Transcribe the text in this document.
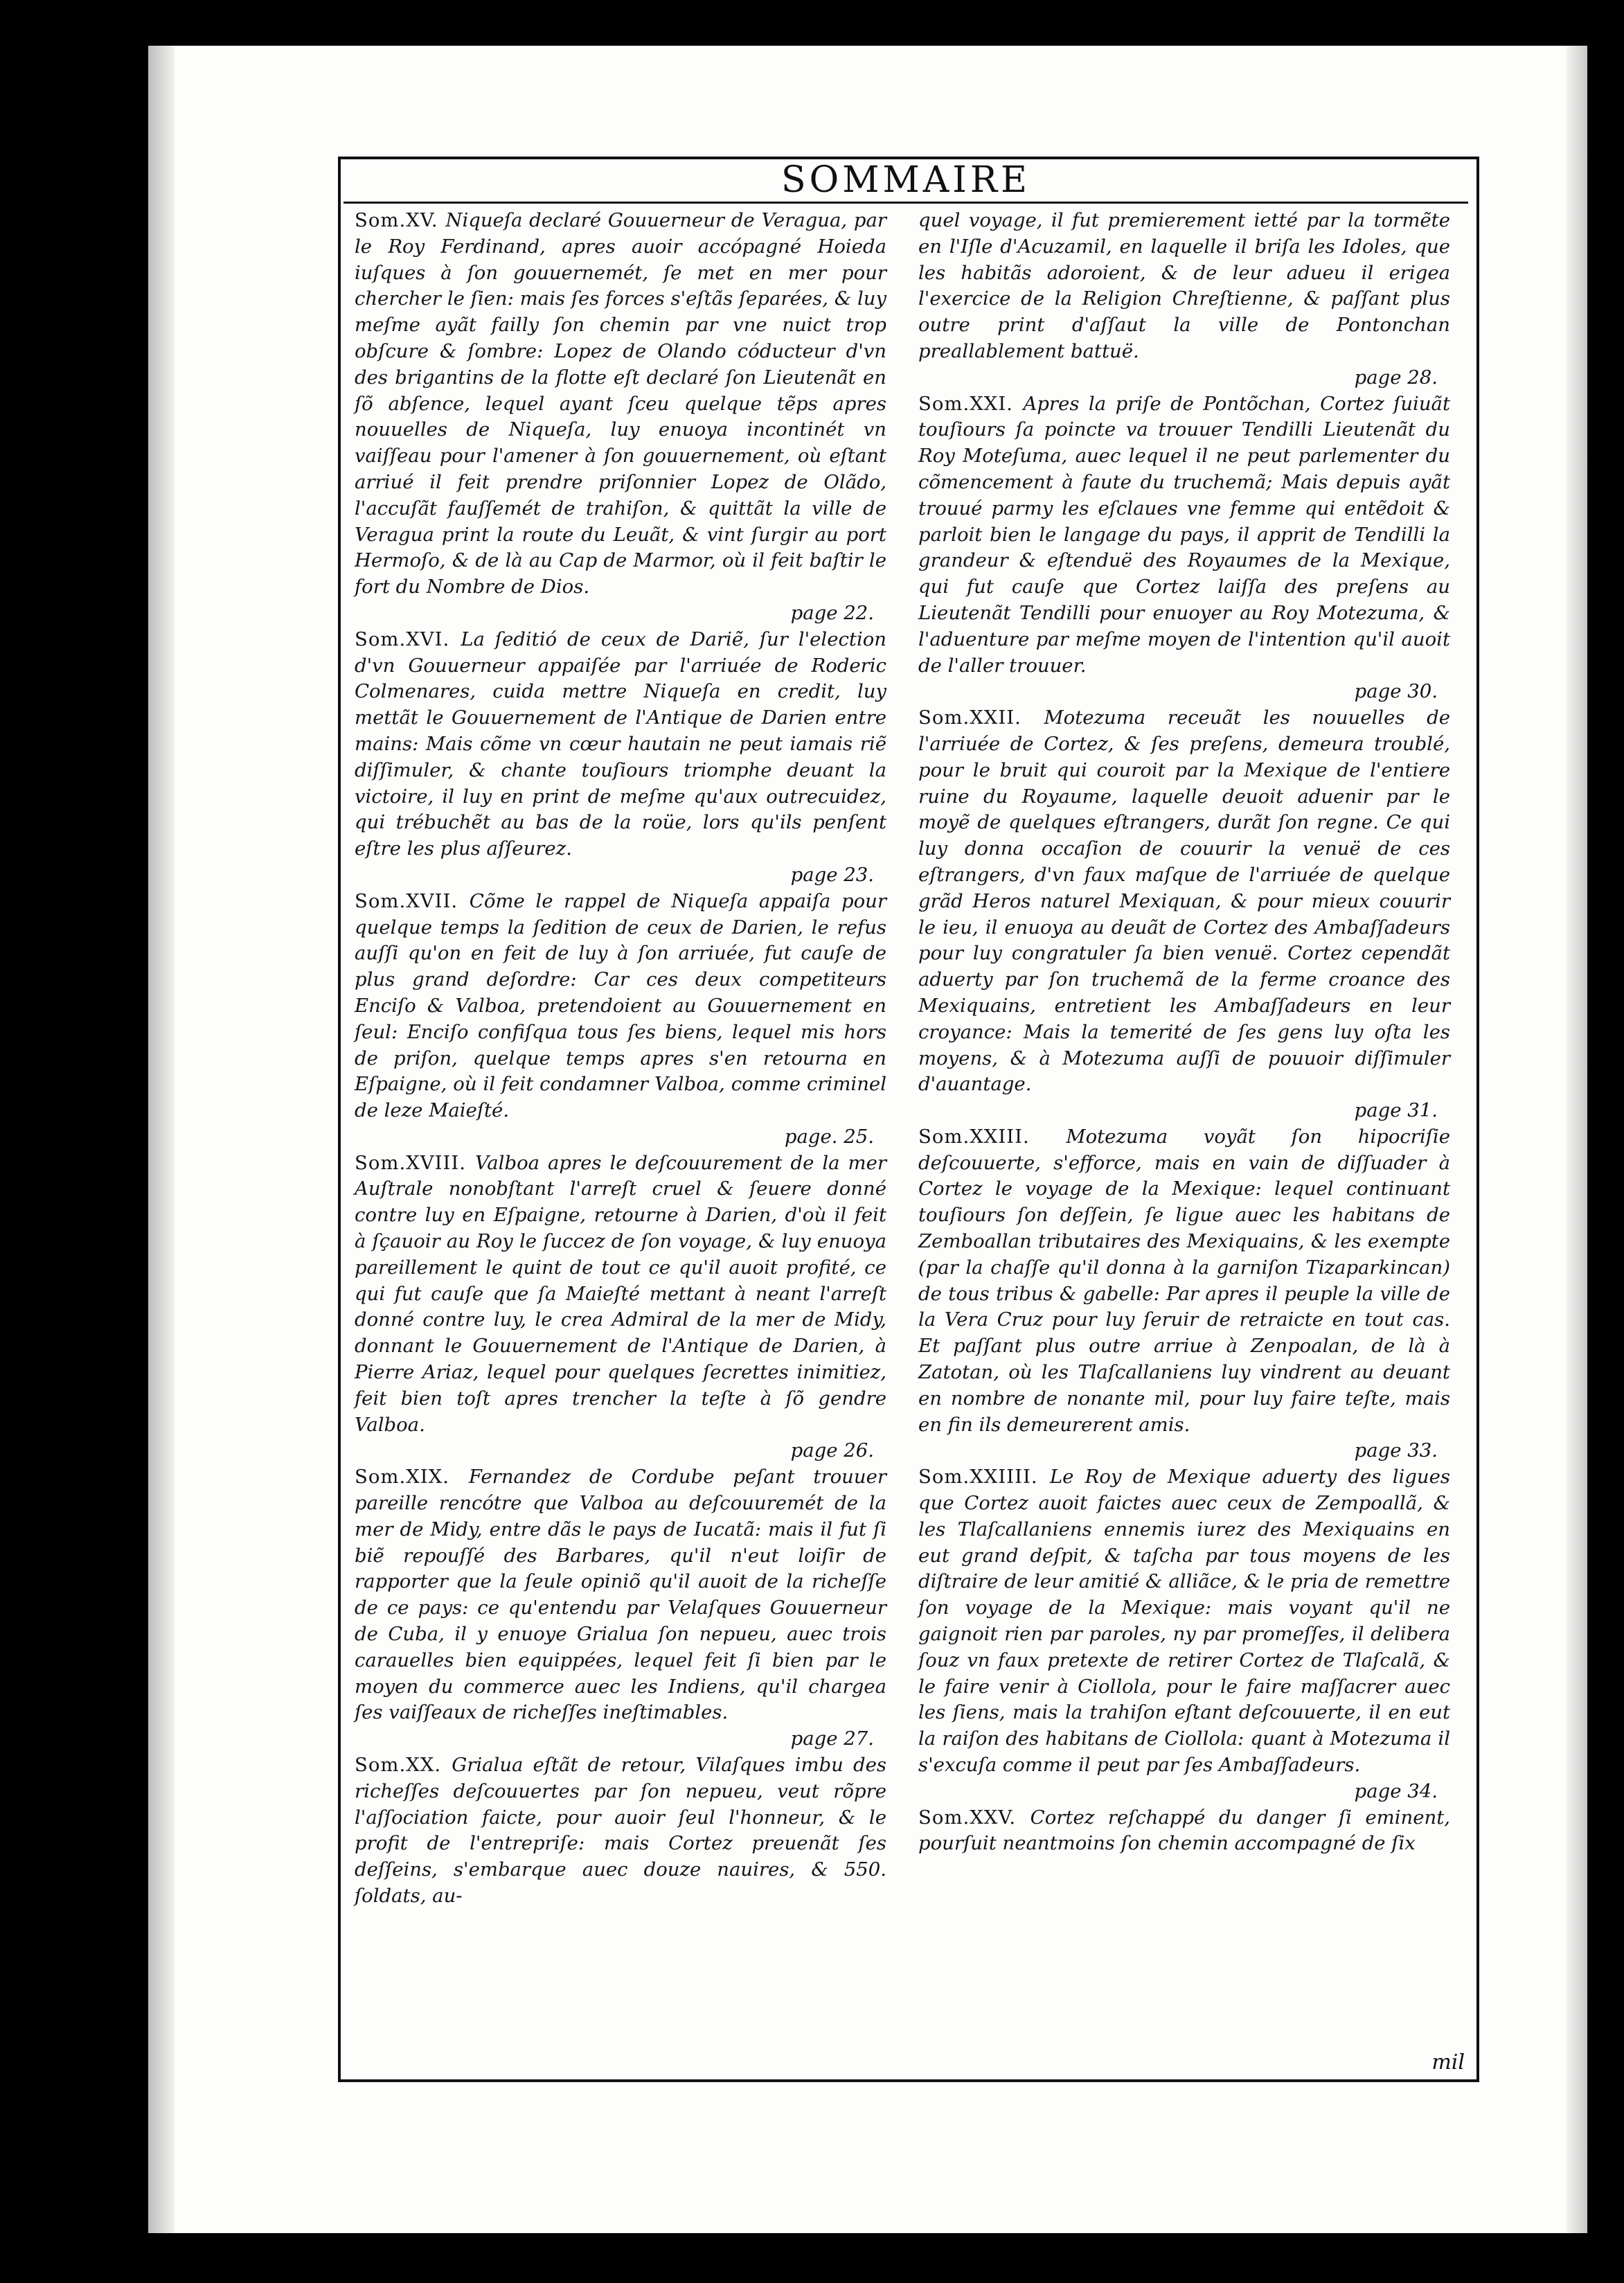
SOMMAIRE

Som.XV. Niqueſa declaré Gouuerneur de Veragua, par le Roy Ferdinand, apres auoir accópagné Hoieda iuſques à ſon gouuernemét, ſe met en mer pour chercher le ſien: mais ſes forces s'eſtãs ſeparées, & luy meſme ayãt failly ſon chemin par vne nuict trop obſcure & ſombre: Lopez de Olando códucteur d'vn des brigantins de la flotte eſt declaré ſon Lieutenãt en ſõ abſence, lequel ayant ſceu quelque tẽps apres nouuelles de Niqueſa, luy enuoya incontinét vn vaiſſeau pour l'amener à ſon gouuernement, où eſtant arriué il feit prendre priſonnier Lopez de Olãdo, l'accuſãt fauſſemét de trahiſon, & quittãt la ville de Veragua print la route du Leuãt, & vint ſurgir au port Hermoſo, & de là au Cap de Marmor, où il feit baſtir le fort du Nombre de Dios.
page 22.

Som.XVI. La ſeditió de ceux de Dariẽ, ſur l'election d'vn Gouuerneur appaiſée par l'arriuée de Roderic Colmenares, cuida mettre Niqueſa en credit, luy mettãt le Gouuernement de l'Antique de Darien entre mains: Mais cõme vn cœur hautain ne peut iamais riẽ diſſimuler, & chante touſiours triomphe deuant la victoire, il luy en print de meſme qu'aux outrecuidez, qui trébuchẽt au bas de la roüe, lors qu'ils penſent eſtre les plus aſſeurez.
page 23.

Som.XVII. Cõme le rappel de Niqueſa appaiſa pour quelque temps la ſedition de ceux de Darien, le refus auſſi qu'on en feit de luy à ſon arriuée, fut cauſe de plus grand deſordre: Car ces deux competiteurs Enciſo & Valboa, pretendoient au Gouuernement en ſeul: Enciſo confiſqua tous ſes biens, lequel mis hors de priſon, quelque temps apres s'en retourna en Eſpaigne, où il feit condamner Valboa, comme criminel de leze Maieſté.
page. 25.

Som.XVIII. Valboa apres le deſcouurement de la mer Auſtrale nonobſtant l'arreſt cruel & ſeuere donné contre luy en Eſpaigne, retourne à Darien, d'où il feit à ſçauoir au Roy le ſuccez de ſon voyage, & luy enuoya pareillement le quint de tout ce qu'il auoit profité, ce qui fut cauſe que ſa Maieſté mettant à neant l'arreſt donné contre luy, le crea Admiral de la mer de Midy, donnant le Gouuernement de l'Antique de Darien, à Pierre Ariaz, lequel pour quelques ſecrettes inimitiez, feit bien toſt apres trencher la teſte à ſõ gendre Valboa.
page 26.

Som.XIX. Fernandez de Cordube peſant trouuer pareille rencótre que Valboa au deſcouuremét de la mer de Midy, entre dãs le pays de Iucatã: mais il fut ſi biẽ repouſſé des Barbares, qu'il n'eut loiſir de rapporter que la ſeule opiniõ qu'il auoit de la richeſſe de ce pays: ce qu'entendu par Velaſques Gouuerneur de Cuba, il y enuoye Grialua ſon nepueu, auec trois carauelles bien equippées, lequel feit ſi bien par le moyen du commerce auec les Indiens, qu'il chargea ſes vaiſſeaux de richeſſes ineſtimables.
page 27.

Som.XX. Grialua eſtãt de retour, Vilaſques imbu des richeſſes deſcouuertes par ſon nepueu, veut rõpre l'aſſociation faicte, pour auoir ſeul l'honneur, & le profit de l'entrepriſe: mais Cortez preuenãt ſes deſſeins, s'embarque auec douze nauires, & 550. ſoldats, au-

quel voyage, il fut premierement ietté par la tormẽte en l'Iſle d'Acuzamil, en laquelle il briſa les Idoles, que les habitãs adoroient, & de leur adueu il erigea l'exercice de la Religion Chreſtienne, & paſſant plus outre print d'aſſaut la ville de Pontonchan preallablement battuë.
page 28.

Som.XXI. Apres la priſe de Pontõchan, Cortez ſuiuãt touſiours ſa poincte va trouuer Tendilli Lieutenãt du Roy Moteſuma, auec lequel il ne peut parlementer du cõmencement à faute du truchemã; Mais depuis ayãt trouué parmy les eſclaues vne femme qui entẽdoit & parloit bien le langage du pays, il apprit de Tendilli la grandeur & eſtenduë des Royaumes de la Mexique, qui fut cauſe que Cortez laiſſa des preſens au Lieutenãt Tendilli pour enuoyer au Roy Motezuma, & l'aduenture par meſme moyen de l'intention qu'il auoit de l'aller trouuer.
page 30.

Som.XXII. Motezuma receuãt les nouuelles de l'arriuée de Cortez, & ſes preſens, demeura troublé, pour le bruit qui couroit par la Mexique de l'entiere ruine du Royaume, laquelle deuoit aduenir par le moyẽ de quelques eſtrangers, durãt ſon regne. Ce qui luy donna occaſion de couurir la venuë de ces eſtrangers, d'vn faux maſque de l'arriuée de quelque grãd Heros naturel Mexiquan, & pour mieux couurir le ieu, il enuoya au deuãt de Cortez des Ambaſſadeurs pour luy congratuler ſa bien venuë. Cortez cependãt aduerty par ſon truchemã de la ferme croance des Mexiquains, entretient les Ambaſſadeurs en leur croyance: Mais la temerité de ſes gens luy oſta les moyens, & à Motezuma auſſi de pouuoir diſſimuler d'auantage.
page 31.

Som.XXIII. Motezuma voyãt ſon hipocriſie deſcouuerte, s'efforce, mais en vain de diſſuader à Cortez le voyage de la Mexique: lequel continuant touſiours ſon deſſein, ſe ligue auec les habitans de Zemboallan tributaires des Mexiquains, & les exempte (par la chaſſe qu'il donna à la garniſon Tizaparkincan) de tous tribus & gabelle: Par apres il peuple la ville de la Vera Cruz pour luy ſeruir de retraicte en tout cas. Et paſſant plus outre arriue à Zenpoalan, de là à Zatotan, où les Tlaſcallaniens luy vindrent au deuant en nombre de nonante mil, pour luy faire teſte, mais en fin ils demeurerent amis.
page 33.

Som.XXIIII. Le Roy de Mexique aduerty des ligues que Cortez auoit faictes auec ceux de Zempoallã, & les Tlaſcallaniens ennemis iurez des Mexiquains en eut grand deſpit, & taſcha par tous moyens de les diſtraire de leur amitié & alliãce, & le pria de remettre ſon voyage de la Mexique: mais voyant qu'il ne gaignoit rien par paroles, ny par promeſſes, il delibera ſouz vn faux pretexte de retirer Cortez de Tlaſcalã, & le faire venir à Ciollola, pour le faire maſſacrer auec les ſiens, mais la trahiſon eſtant deſcouuerte, il en eut la raiſon des habitans de Ciollola: quant à Motezuma il s'excuſa comme il peut par ſes Ambaſſadeurs.
page 34.

Som.XXV. Cortez reſchappé du danger ſi eminent, pourſuit neantmoins ſon chemin accompagné de ſix

mil
